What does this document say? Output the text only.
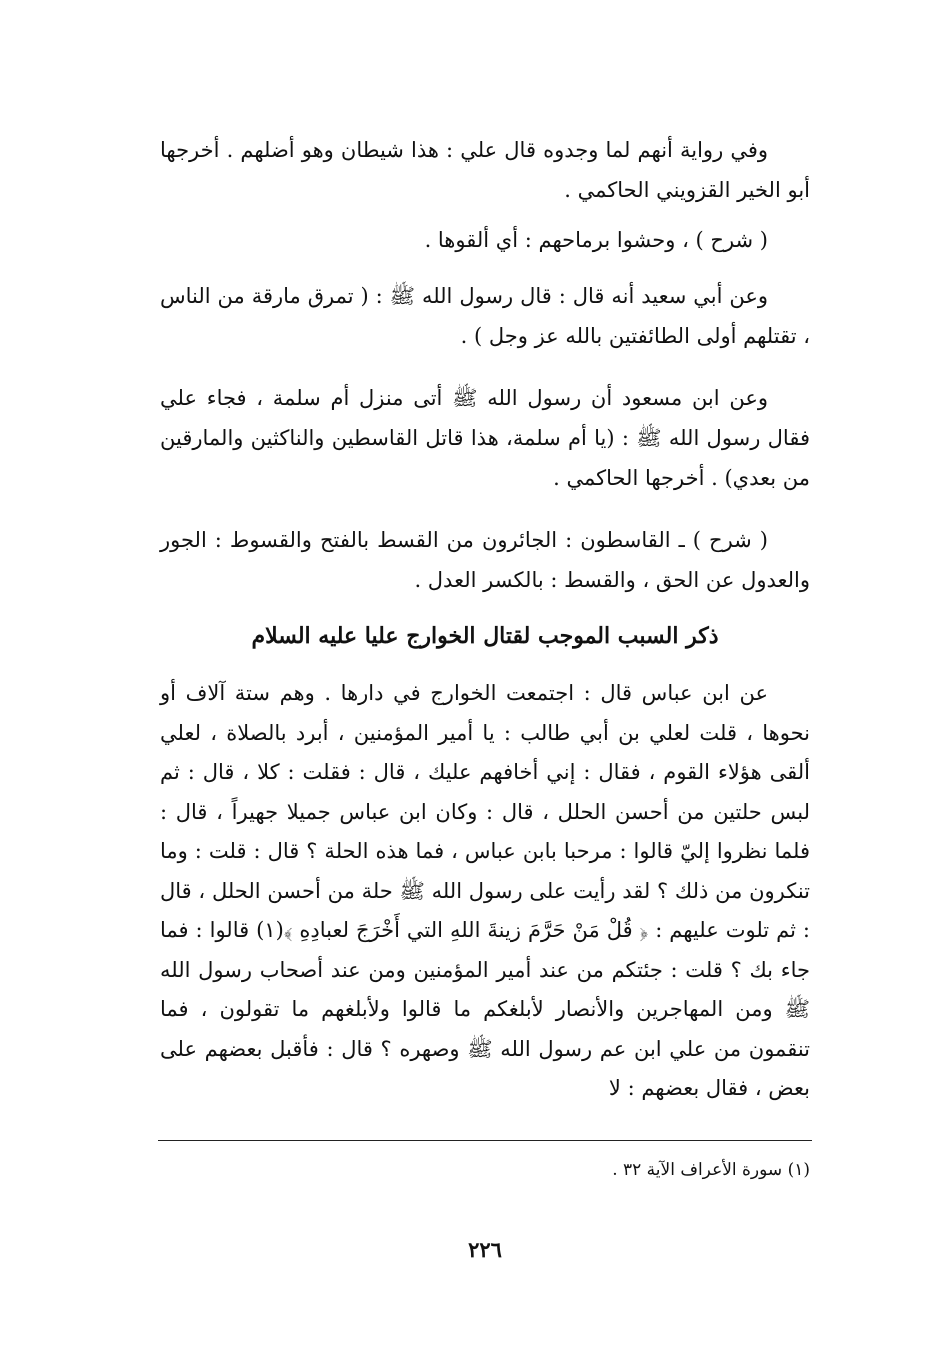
وفي رواية أنهم لما وجدوه قال علي : هذا شيطان وهو أضلهم . أخرجها أبو الخير القزويني الحاكمي .

( شرح ) ، وحشوا برماحهم : أي ألقوها .

وعن أبي سعيد أنه قال : قال رسول الله ﷺ : ( تمرق مارقة من الناس ، تقتلهم أولى الطائفتين بالله عز وجل ) .

وعن ابن مسعود أن رسول الله ﷺ أتى منزل أم سلمة ، فجاء علي فقال رسول الله ﷺ : (يا أم سلمة، هذا قاتل القاسطين والناكثين والمارقين من بعدي) . أخرجها الحاكمي .

( شرح ) ـ القاسطون : الجائرون من القسط بالفتح والقسوط : الجور والعدول عن الحق ، والقسط : بالكسر العدل .

ذكر السبب الموجب لقتال الخوارج عليا عليه السلام

عن ابن عباس قال : اجتمعت الخوارج في دارها . وهم ستة آلاف أو نحوها ، قلت لعلي بن أبي طالب : يا أمير المؤمنين ، أبرد بالصلاة ، لعلي ألقى هؤلاء القوم ، فقال : إني أخافهم عليك ، قال : فقلت : كلا ، قال : ثم لبس حلتين من أحسن الحلل ، قال : وكان ابن عباس جميلا جهيراً ، قال : فلما نظروا إليّ قالوا : مرحبا بابن عباس ، فما هذه الحلة ؟ قال : قلت : وما تنكرون من ذلك ؟ لقد رأيت على رسول الله ﷺ حلة من أحسن الحلل ، قال : ثم تلوت عليهم : ﴿ قُلْ مَنْ حَرَّمَ زينةَ اللهِ التي أَخْرَجَ لعبادِهِ ﴾(١) قالوا : فما جاء بك ؟ قلت : جئتكم من عند أمير المؤمنين ومن عند أصحاب رسول الله ﷺ ومن المهاجرين والأنصار لأبلغكم ما قالوا ولأبلغهم ما تقولون ، فما تنقمون من علي ابن عم رسول الله ﷺ وصهره ؟ قال : فأقبل بعضهم على بعض ، فقال بعضهم : لا

(١) سورة الأعراف الآية ٣٢ .
٢٢٦
